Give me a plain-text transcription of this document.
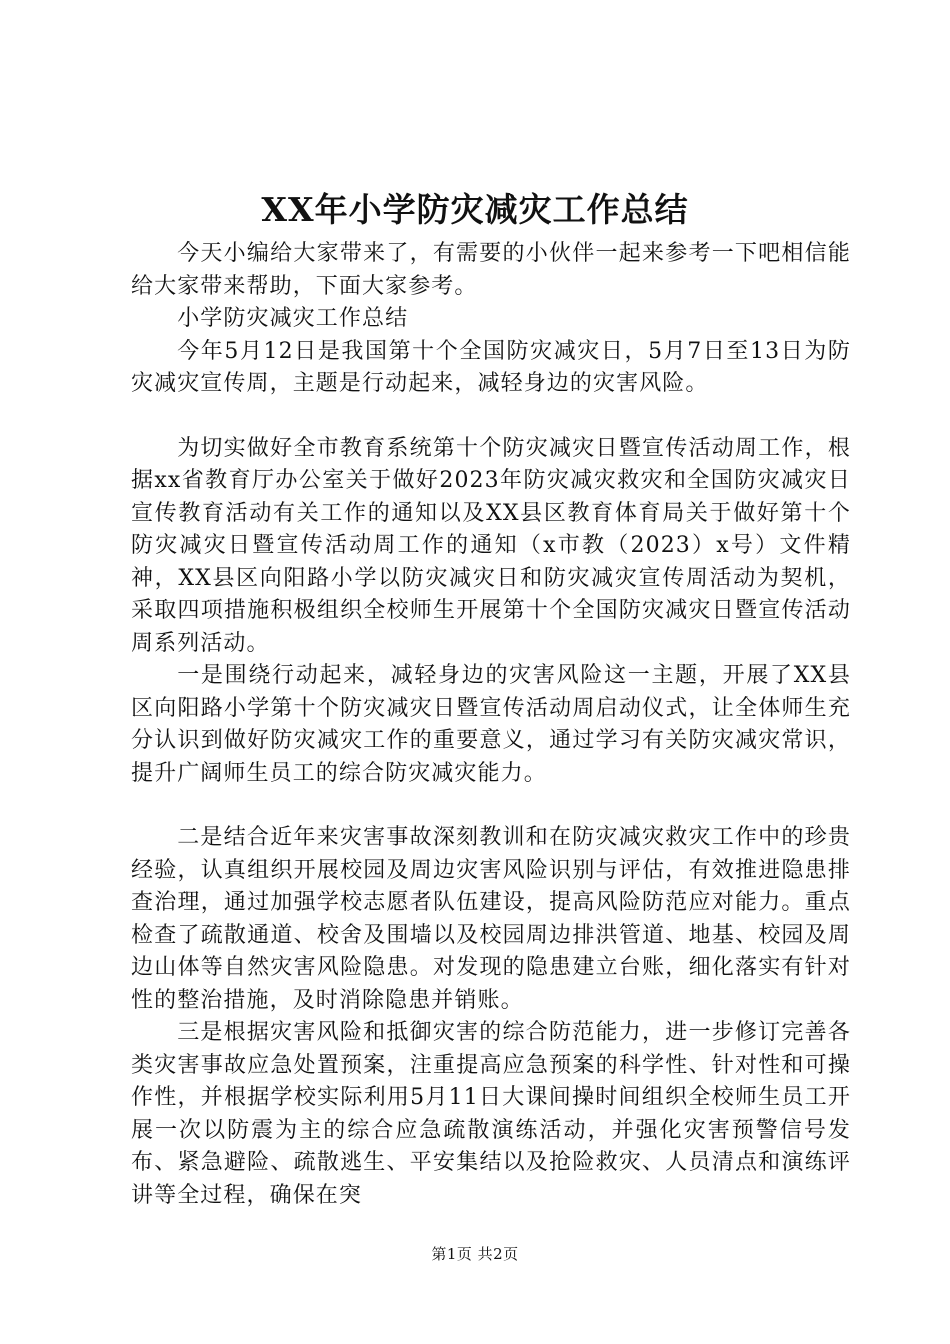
XX年小学防灾减灾工作总结

今天小编给大家带来了，有需要的小伙伴一起来参考一下吧相信能给大家带来帮助，下面大家参考。

小学防灾减灾工作总结

今年5月12日是我国第十个全国防灾减灾日，5月7日至13日为防灾减灾宣传周，主题是行动起来，减轻身边的灾害风险。

为切实做好全市教育系统第十个防灾减灾日暨宣传活动周工作，根据xx省教育厅办公室关于做好2023年防灾减灾救灾和全国防灾减灾日宣传教育活动有关工作的通知以及XX县区教育体育局关于做好第十个防灾减灾日暨宣传活动周工作的通知（x市教（2023）x号）文件精神，XX县区向阳路小学以防灾减灾日和防灾减灾宣传周活动为契机，采取四项措施积极组织全校师生开展第十个全国防灾减灾日暨宣传活动周系列活动。

一是围绕行动起来，减轻身边的灾害风险这一主题，开展了XX县区向阳路小学第十个防灾减灾日暨宣传活动周启动仪式，让全体师生充分认识到做好防灾减灾工作的重要意义，通过学习有关防灾减灾常识，提升广阔师生员工的综合防灾减灾能力。

二是结合近年来灾害事故深刻教训和在防灾减灾救灾工作中的珍贵经验，认真组织开展校园及周边灾害风险识别与评估，有效推进隐患排查治理，通过加强学校志愿者队伍建设，提高风险防范应对能力。重点检查了疏散通道、校舍及围墙以及校园周边排洪管道、地基、校园及周边山体等自然灾害风险隐患。对发现的隐患建立台账，细化落实有针对性的整治措施，及时消除隐患并销账。

三是根据灾害风险和抵御灾害的综合防范能力，进一步修订完善各类灾害事故应急处置预案，注重提高应急预案的科学性、针对性和可操作性，并根据学校实际利用5月11日大课间操时间组织全校师生员工开展一次以防震为主的综合应急疏散演练活动，并强化灾害预警信号发布、紧急避险、疏散逃生、平安集结以及抢险救灾、人员清点和演练评讲等全过程，确保在突

第1页 共2页
